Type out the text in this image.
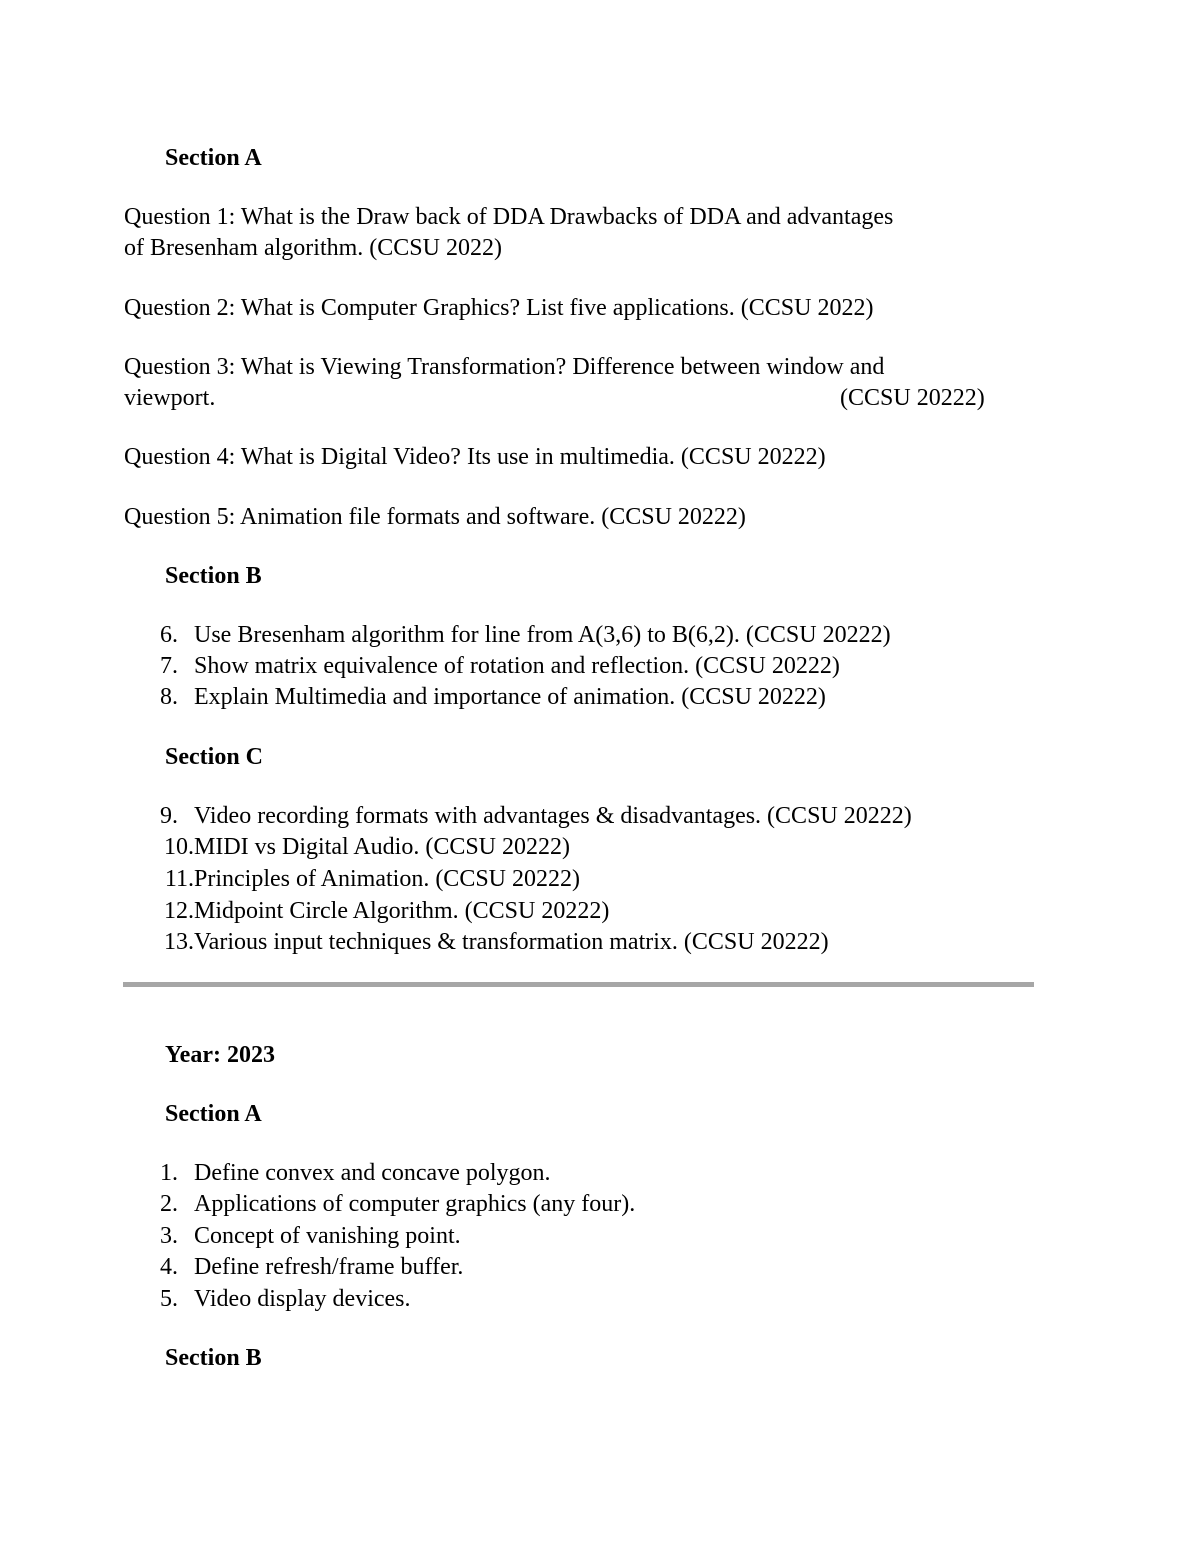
Section A
Question 1: What is the Draw back of DDA Drawbacks of DDA and advantages
of Bresenham algorithm. (CCSU 2022)
Question 2: What is Computer Graphics? List five applications. (CCSU 2022)
Question 3: What is Viewing Transformation? Difference between window and
viewport.	(CCSU 20222)
Question 4: What is Digital Video? Its use in multimedia. (CCSU 20222)
Question 5: Animation file formats and software. (CCSU 20222)
Section B
6. Use Bresenham algorithm for line from A(3,6) to B(6,2). (CCSU 20222)
7. Show matrix equivalence of rotation and reflection. (CCSU 20222)
8. Explain Multimedia and importance of animation. (CCSU 20222)
Section C
9. Video recording formats with advantages & disadvantages. (CCSU 20222)
10. MIDI vs Digital Audio. (CCSU 20222)
11. Principles of Animation. (CCSU 20222)
12. Midpoint Circle Algorithm. (CCSU 20222)
13. Various input techniques & transformation matrix. (CCSU 20222)
Year: 2023
Section A
1. Define convex and concave polygon.
2. Applications of computer graphics (any four).
3. Concept of vanishing point.
4. Define refresh/frame buffer.
5. Video display devices.
Section B
